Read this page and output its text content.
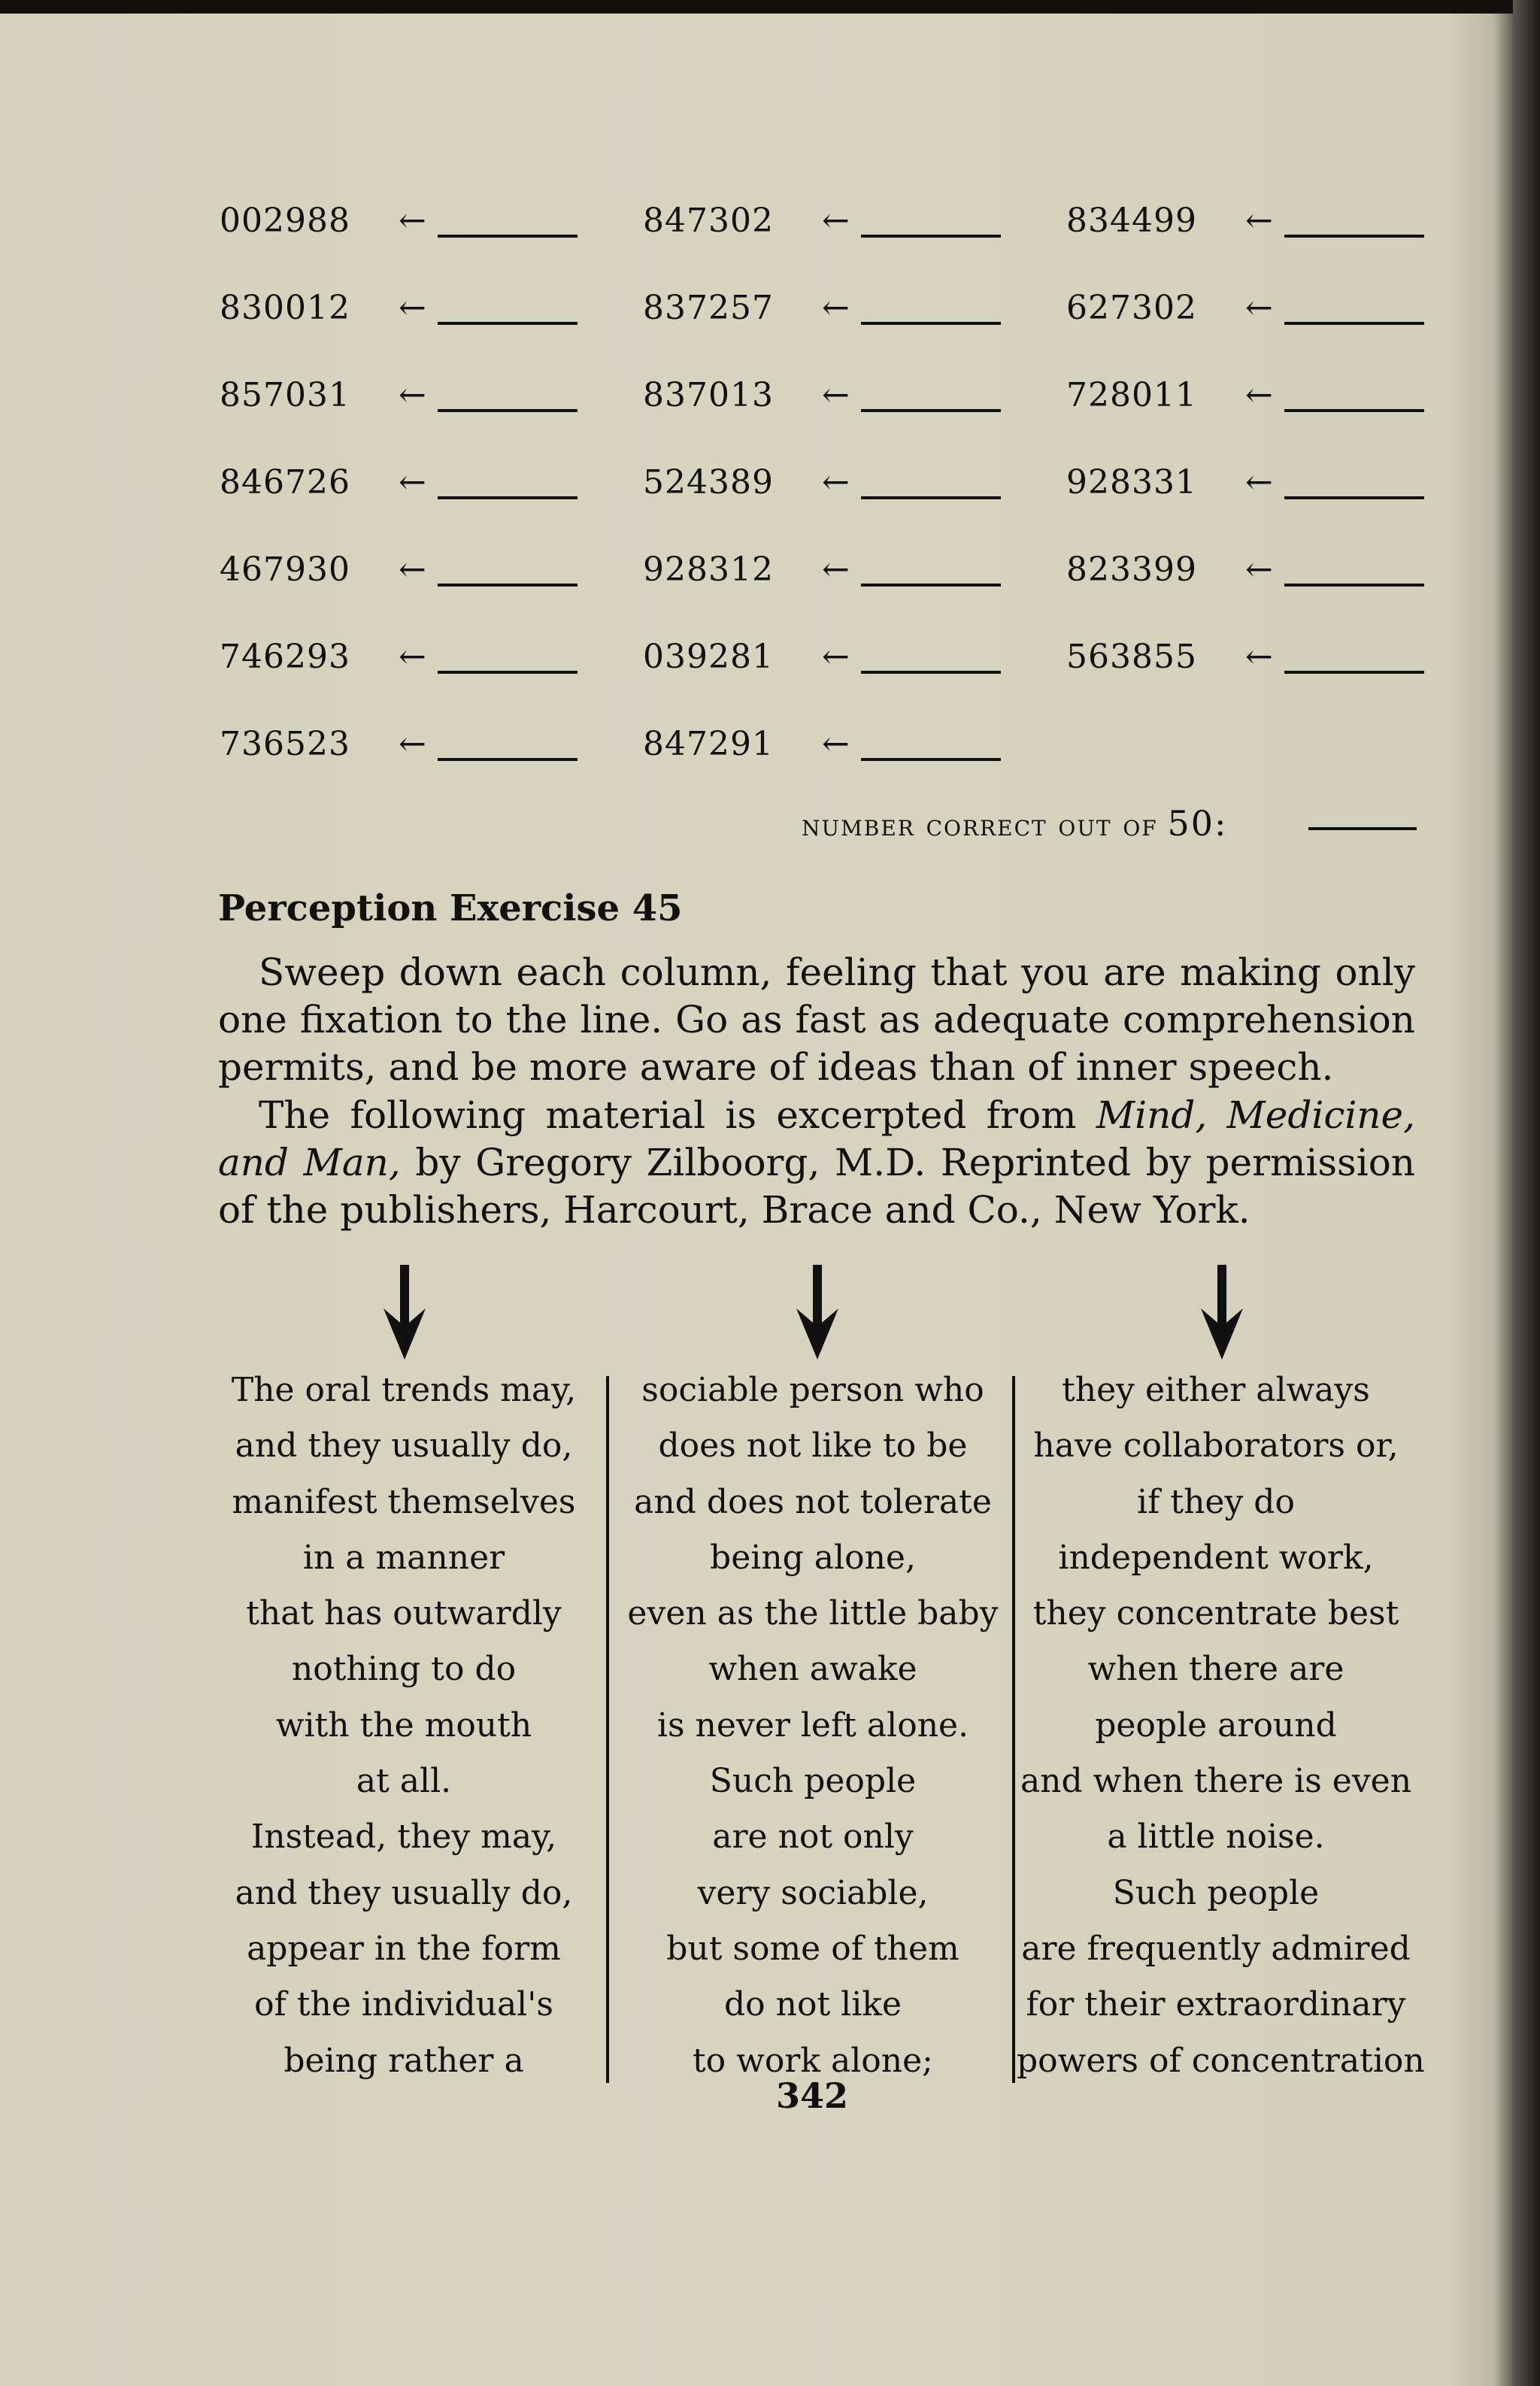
002988 ←	847302 ←	834499 ←
830012 ←	837257 ←	627302 ←
857031 ←	837013 ←	728011 ←
846726 ←	524389 ←	928331 ←
467930 ←	928312 ←	823399 ←
746293 ←	039281 ←	563855 ←
736523 ←	847291 ←
number correct out of 50:
Perception Exercise 45

Sweep down each column, feeling that you are making only one fixation to the line. Go as fast as adequate comprehension permits, and be more aware of ideas than of inner speech.

The following material is excerpted from Mind, Medicine, and Man, by Gregory Zilboorg, M.D. Reprinted by permission of the publishers, Harcourt, Brace and Co., New York.

The oral trends may,
and they usually do,
manifest themselves
in a manner
that has outwardly
nothing to do
with the mouth
at all.
Instead, they may,
and they usually do,
appear in the form
of the individual's
being rather a
sociable person who
does not like to be
and does not tolerate
being alone,
even as the little baby
when awake
is never left alone.
Such people
are not only
very sociable,
but some of them
do not like
to work alone;
they either always
have collaborators or,
if they do
independent work,
they concentrate best
when there are
people around
and when there is even
a little noise.
Such people
are frequently admired
for their extraordinary
powers of concentration
342
